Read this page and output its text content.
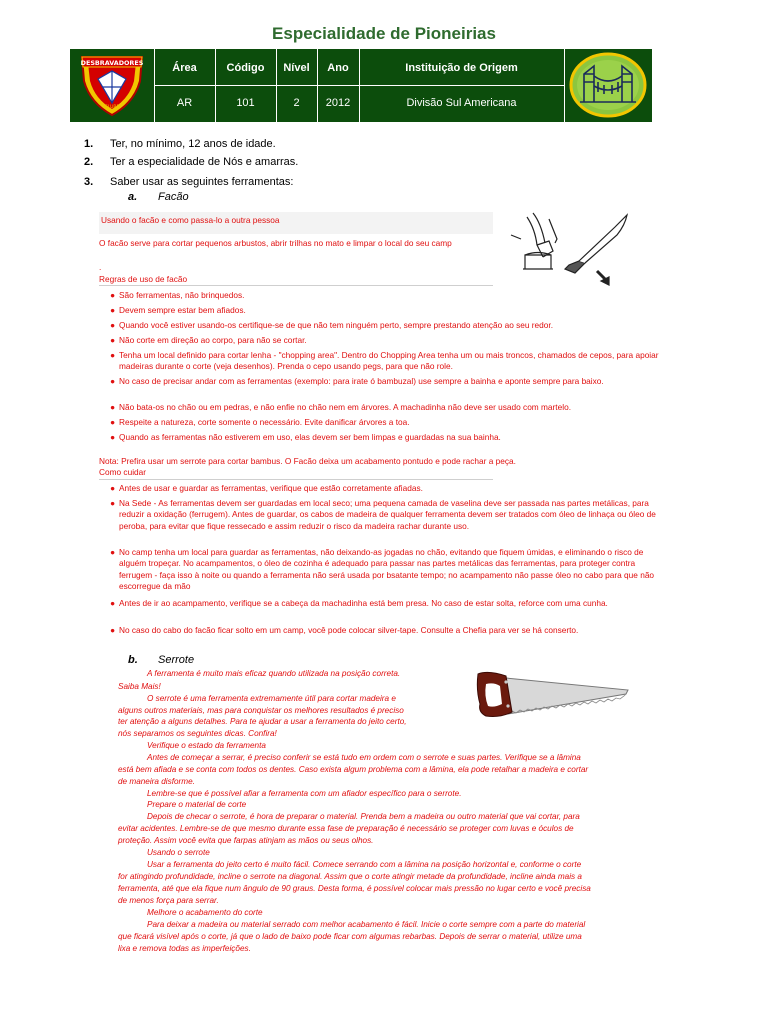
Especialidade de Pioneirias
DESBRAVADORES
CLUBE
Área	Código	Nível	Ano	Instituição de Origem
AR	101	2	2012	Divisão Sul Americana
1. Ter, no mínimo, 12 anos de idade.
2. Ter a especialidade de Nós e amarras.
3. Saber usar as seguintes ferramentas:
a. Facão
Usando o facão e como passa-lo a outra pessoa
O facão serve para cortar pequenos arbustos, abrir trilhas no mato e limpar o local do seu camp
.
Regras de uso de facão
● São ferramentas, não brinquedos.
● Devem sempre estar bem afiados.
● Quando você estiver usando-os certifique-se de que não tem ninguém perto, sempre prestando atenção ao seu redor.
● Não corte em direção ao corpo, para não se cortar.
● Tenha um local definido para cortar lenha - "chopping area". Dentro do Chopping Area tenha um ou mais troncos, chamados de cepos, para apoiar madeiras durante o corte (veja desenhos). Prenda o cepo usando pegs, para que não role.
● No caso de precisar andar com as ferramentas (exemplo: para irate ó bambuzal) use sempre a bainha e aponte sempre para baixo.
● Não bata-os no chão ou em pedras, e não enfie no chão nem em árvores. A machadinha não deve ser usado com martelo.
● Respeite a natureza, corte somente o necessário. Evite danificar árvores a toa.
● Quando as ferramentas não estiverem em uso, elas devem ser bem limpas e guardadas na sua bainha.
Nota: Prefira usar um serrote para cortar bambus. O Facão deixa um acabamento pontudo e pode rachar a peça.
Como cuidar
● Antes de usar e guardar as ferramentas, verifique que estão corretamente afiadas.
● Na Sede - As ferramentas devem ser guardadas em local seco; uma pequena camada de vaselina deve ser passada nas partes metálicas, para reduzir a oxidação (ferrugem). Antes de guardar, os cabos de madeira de qualquer ferramenta devem ser tratados com óleo de linhaça ou óleo de peroba, para evitar que fique ressecado e assim reduzir o risco da madeira rachar durante uso.
● No camp tenha um local para guardar as ferramentas, não deixando-as jogadas no chão, evitando que fiquem úmidas, e eliminando o risco de alguém tropeçar. No acampamentos, o óleo de cozinha é adequado para passar nas partes metálicas das ferramentas, para proteger contra ferrugem - faça isso à noite ou quando a ferramenta não será usada por bsatante tempo; no acampamento não passe óleo no cabo para que não escorregue da mão
● Antes de ir ao acampamento, verifique se a cabeça da machadinha está bem presa. No caso de estar solta, reforce com uma cunha.
● No caso do cabo do facão ficar solto em um camp, você pode colocar silver-tape. Consulte a Chefia para ver se há conserto.
b. Serrote
A ferramenta é muito mais eficaz quando utilizada na posição correta.
Saiba Mais!
O serrote é uma ferramenta extremamente útil para cortar madeira e
alguns outros materiais, mas para conquistar os melhores resultados é preciso
ter atenção a alguns detalhes. Para te ajudar a usar a ferramenta do jeito certo,
nós separamos os seguintes dicas. Confira!
Verifique o estado da ferramenta
Antes de começar a serrar, é preciso conferir se está tudo em ordem com o serrote e suas partes. Verifique se a lâmina
está bem afiada e se conta com todos os dentes. Caso exista algum problema com a lâmina, ela pode retalhar a madeira e cortar
de maneira disforme.
Lembre-se que é possível afiar a ferramenta com um afiador específico para o serrote.
Prepare o material de corte
Depois de checar o serrote, é hora de preparar o material. Prenda bem a madeira ou outro material que vai cortar, para
evitar acidentes. Lembre-se de que mesmo durante essa fase de preparação é necessário se proteger com luvas e óculos de
proteção. Assim você evita que farpas atinjam as mãos ou seus olhos.
Usando o serrote
Usar a ferramenta do jeito certo é muito fácil. Comece serrando com a lâmina na posição horizontal e, conforme o corte
for atingindo profundidade, incline o serrote na diagonal. Assim que o corte atingir metade da profundidade, incline ainda mais a
ferramenta, até que ela fique num ângulo de 90 graus. Desta forma, é possível colocar mais pressão no lugar certo e você precisa
de menos força para serrar.
Melhore o acabamento do corte
Para deixar a madeira ou material serrado com melhor acabamento é fácil. Inicie o corte sempre com a parte do material
que ficará visível após o corte, já que o lado de baixo pode ficar com algumas rebarbas. Depois de serrar o material, utilize uma
lixa e remova todas as imperfeições.
